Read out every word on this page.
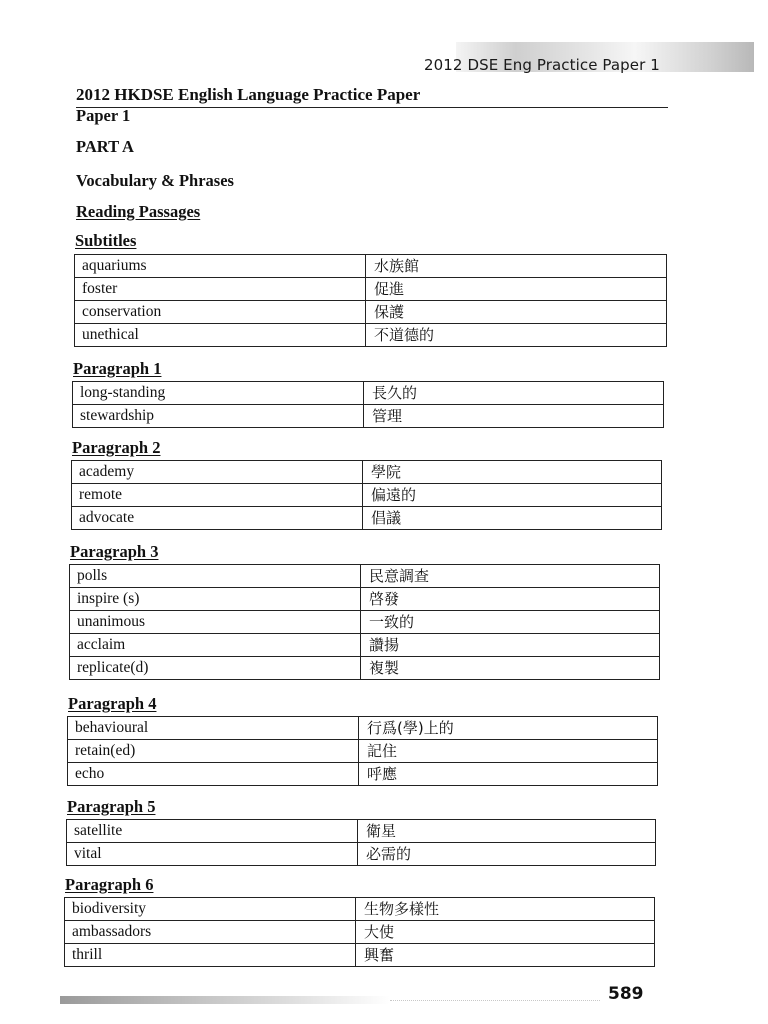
2012 DSE Eng Practice Paper 1
2012 HKDSE English Language Practice Paper
Paper 1
PART A
Vocabulary & Phrases
Reading Passages
Subtitles
aquariums	水族館
foster	促進
conservation	保護
unethical	不道德的
Paragraph 1
long-standing	長久的
stewardship	管理
Paragraph 2
academy	學院
remote	偏遠的
advocate	倡議
Paragraph 3
polls	民意調查
inspire (s)	啓發
unanimous	一致的
acclaim	讚揚
replicate(d)	複製
Paragraph 4
behavioural	行爲(學)上的
retain(ed)	記住
echo	呼應
Paragraph 5
satellite	衛星
vital	必需的
Paragraph 6
biodiversity	生物多樣性
ambassadors	大使
thrill	興奮
589
